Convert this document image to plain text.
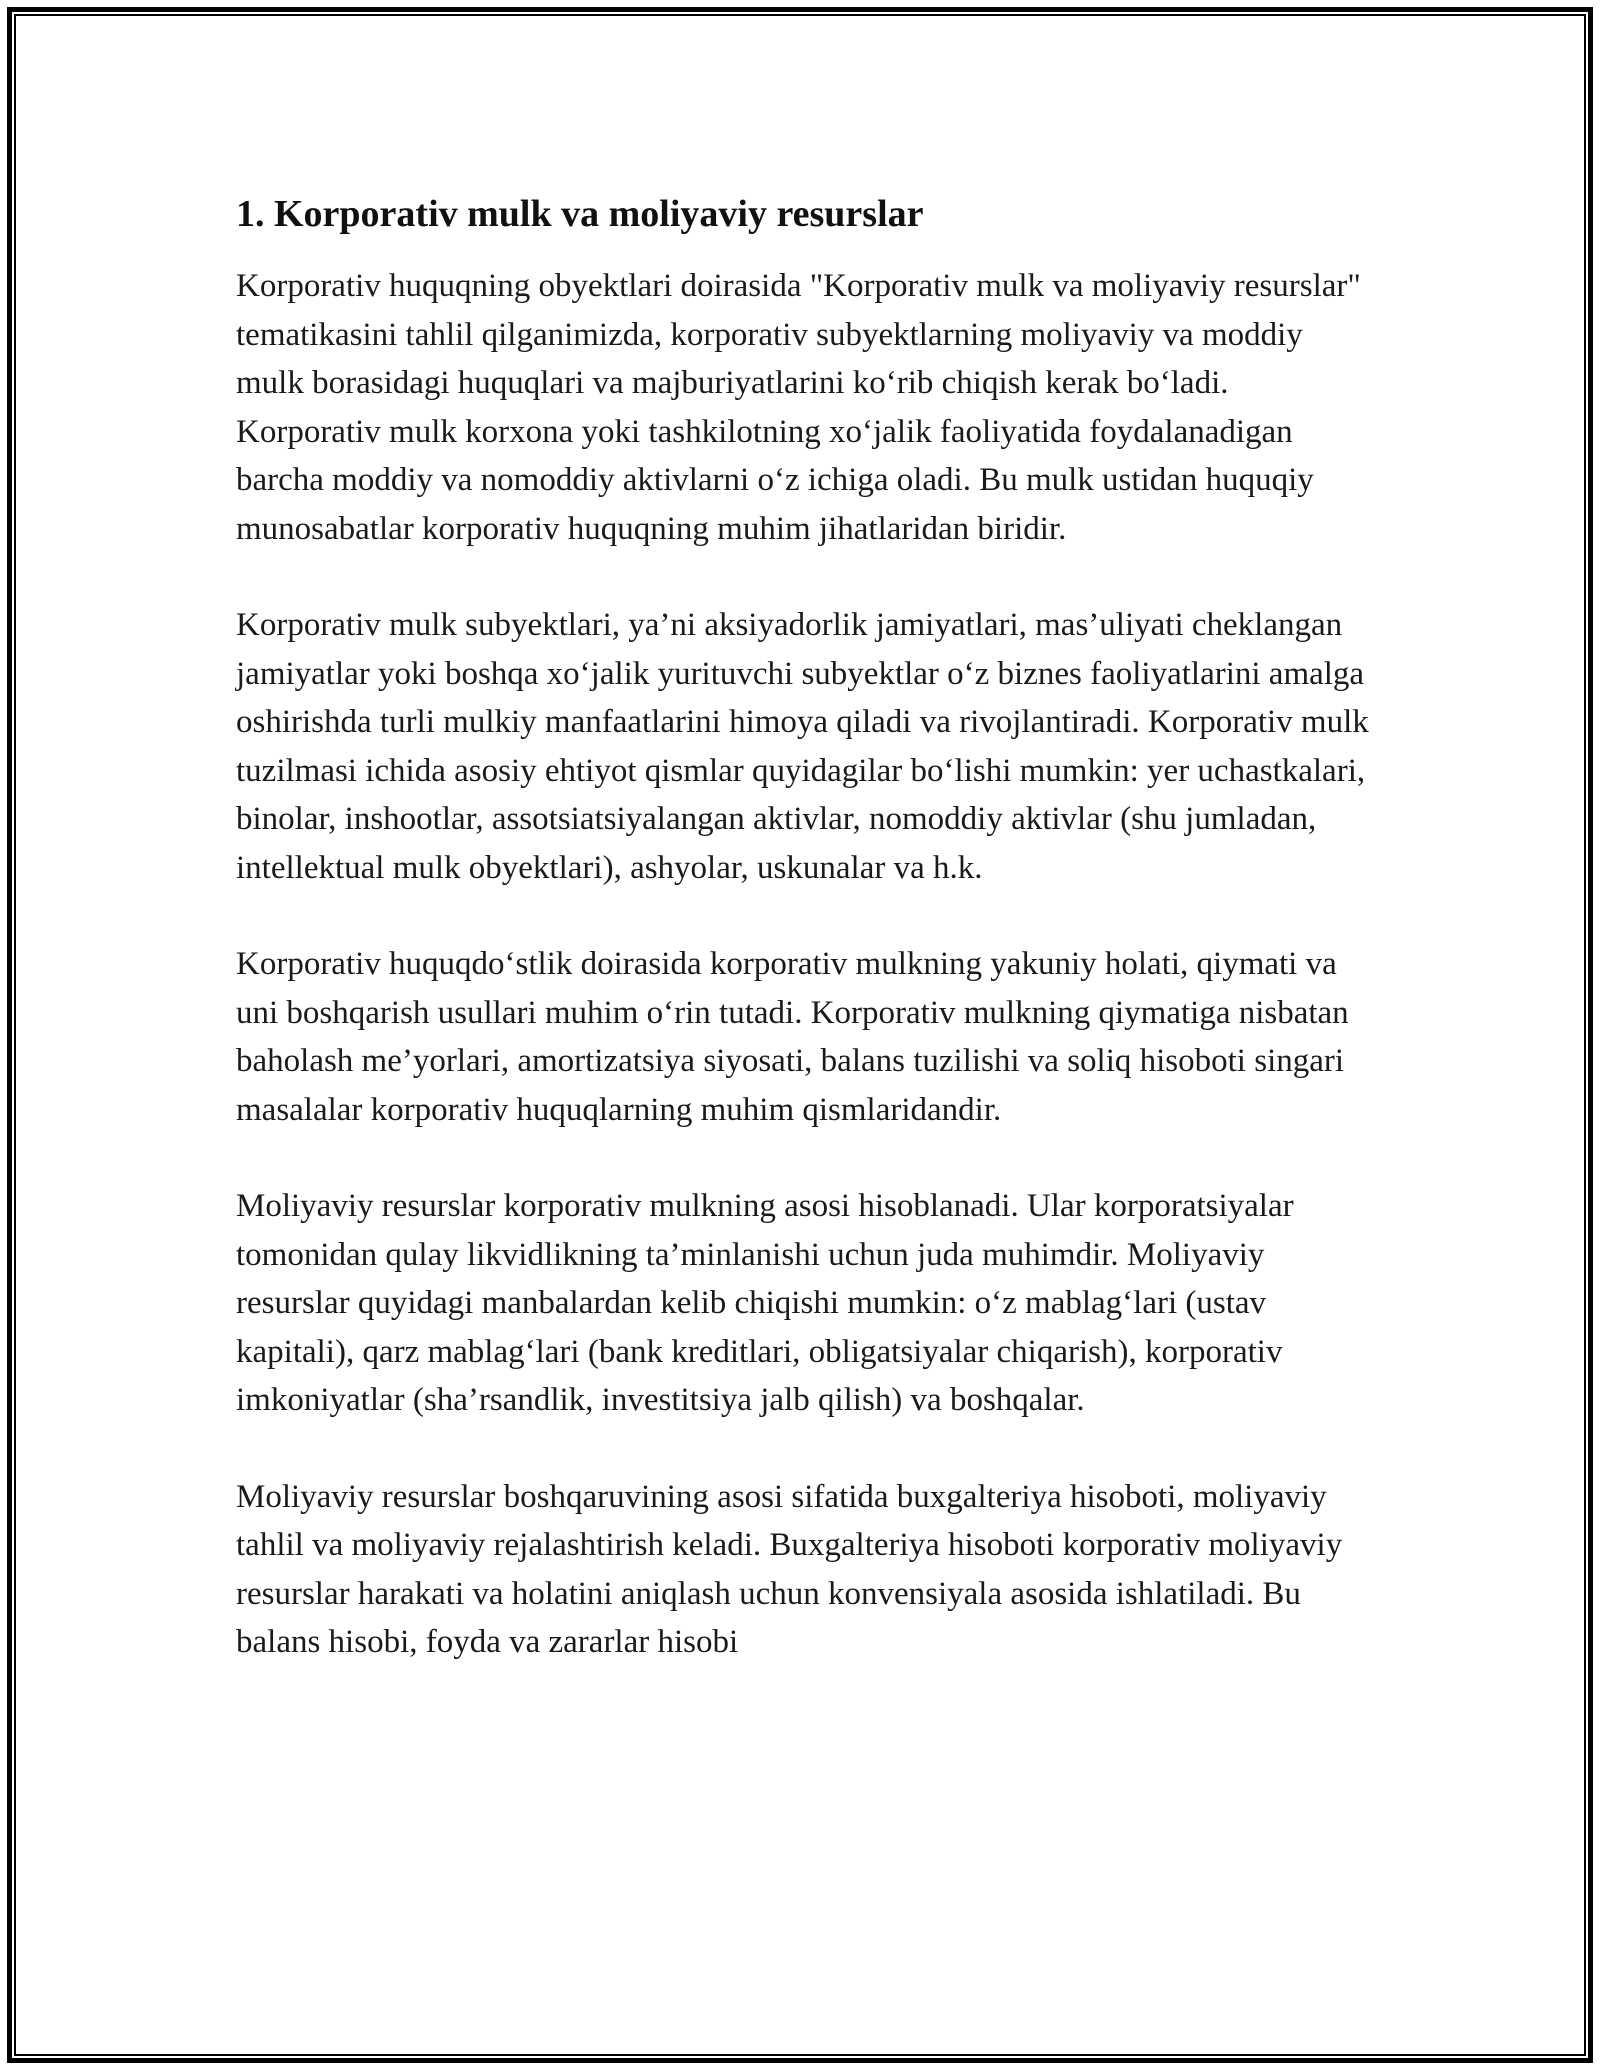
1. Korporativ mulk va moliyaviy resurslar

Korporativ huquqning obyektlari doirasida "Korporativ mulk va moliyaviy resurslar" tematikasini tahlil qilganimizda, korporativ subyektlarning moliyaviy va moddiy mulk borasidagi huquqlari va majburiyatlarini koʻrib chiqish kerak boʻladi. Korporativ mulk korxona yoki tashkilotning xoʻjalik faoliyatida foydalanadigan barcha moddiy va nomoddiy aktivlarni oʻz ichiga oladi. Bu mulk ustidan huquqiy munosabatlar korporativ huquqning muhim jihatlaridan biridir.

Korporativ mulk subyektlari, ya’ni aksiyadorlik jamiyatlari, mas’uliyati cheklangan jamiyatlar yoki boshqa xoʻjalik yurituvchi subyektlar oʻz biznes faoliyatlarini amalga oshirishda turli mulkiy manfaatlarini himoya qiladi va rivojlantiradi. Korporativ mulk tuzilmasi ichida asosiy ehtiyot qismlar quyidagilar boʻlishi mumkin: yer uchastkalari, binolar, inshootlar, assotsiatsiyalangan aktivlar, nomoddiy aktivlar (shu jumladan, intellektual mulk obyektlari), ashyolar, uskunalar va h.k.

Korporativ huquqdoʻstlik doirasida korporativ mulkning yakuniy holati, qiymati va uni boshqarish usullari muhim oʻrin tutadi. Korporativ mulkning qiymatiga nisbatan baholash me’yorlari, amortizatsiya siyosati, balans tuzilishi va soliq hisoboti singari masalalar korporativ huquqlarning muhim qismlaridandir.

Moliyaviy resurslar korporativ mulkning asosi hisoblanadi. Ular korporatsiyalar tomonidan qulay likvidlikning ta’minlanishi uchun juda muhimdir. Moliyaviy resurslar quyidagi manbalardan kelib chiqishi mumkin: oʻz mablagʻlari (ustav kapitali), qarz mablagʻlari (bank kreditlari, obligatsiyalar chiqarish), korporativ imkoniyatlar (sha’rsandlik, investitsiya jalb qilish) va boshqalar.

Moliyaviy resurslar boshqaruvining asosi sifatida buxgalteriya hisoboti, moliyaviy tahlil va moliyaviy rejalashtirish keladi. Buxgalteriya hisoboti korporativ moliyaviy resurslar harakati va holatini aniqlash uchun konvensiyala asosida ishlatiladi. Bu balans hisobi, foyda va zararlar hisobi
